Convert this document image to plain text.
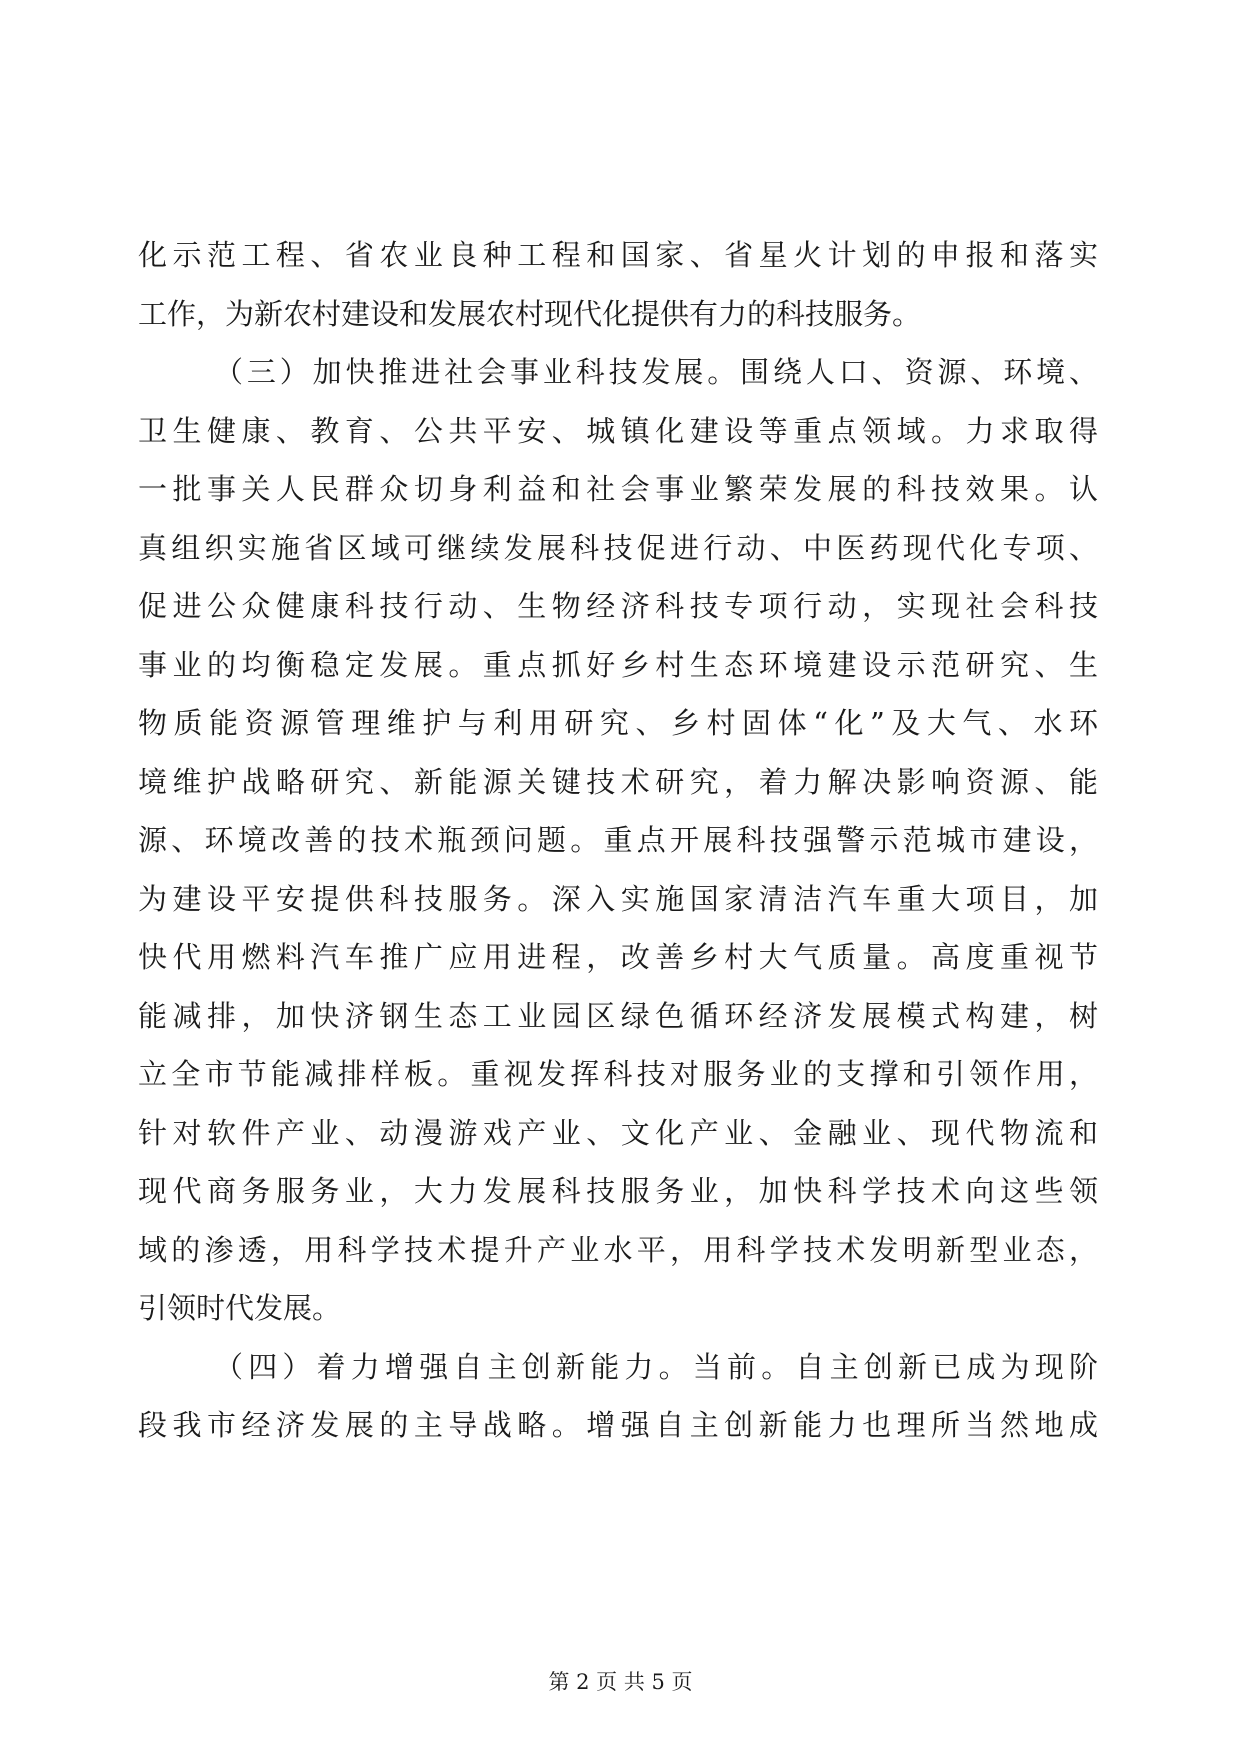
化示范工程、省农业良种工程和国家、省星火计划的申报和落实
工作，为新农村建设和发展农村现代化提供有力的科技服务。
（三）加快推进社会事业科技发展。围绕人口、资源、环境、
卫生健康、教育、公共平安、城镇化建设等重点领域。力求取得
一批事关人民群众切身利益和社会事业繁荣发展的科技效果。认
真组织实施省区域可继续发展科技促进行动、中医药现代化专项、
促进公众健康科技行动、生物经济科技专项行动，实现社会科技
事业的均衡稳定发展。重点抓好乡村生态环境建设示范研究、生
物质能资源管理维护与利用研究、乡村固体“化”及大气、水环
境维护战略研究、新能源关键技术研究，着力解决影响资源、能
源、环境改善的技术瓶颈问题。重点开展科技强警示范城市建设，
为建设平安提供科技服务。深入实施国家清洁汽车重大项目，加
快代用燃料汽车推广应用进程，改善乡村大气质量。高度重视节
能减排，加快济钢生态工业园区绿色循环经济发展模式构建，树
立全市节能减排样板。重视发挥科技对服务业的支撑和引领作用，
针对软件产业、动漫游戏产业、文化产业、金融业、现代物流和
现代商务服务业，大力发展科技服务业，加快科学技术向这些领
域的渗透，用科学技术提升产业水平，用科学技术发明新型业态，
引领时代发展。
（四）着力增强自主创新能力。当前。自主创新已成为现阶
段我市经济发展的主导战略。增强自主创新能力也理所当然地成
第 2 页 共 5 页
